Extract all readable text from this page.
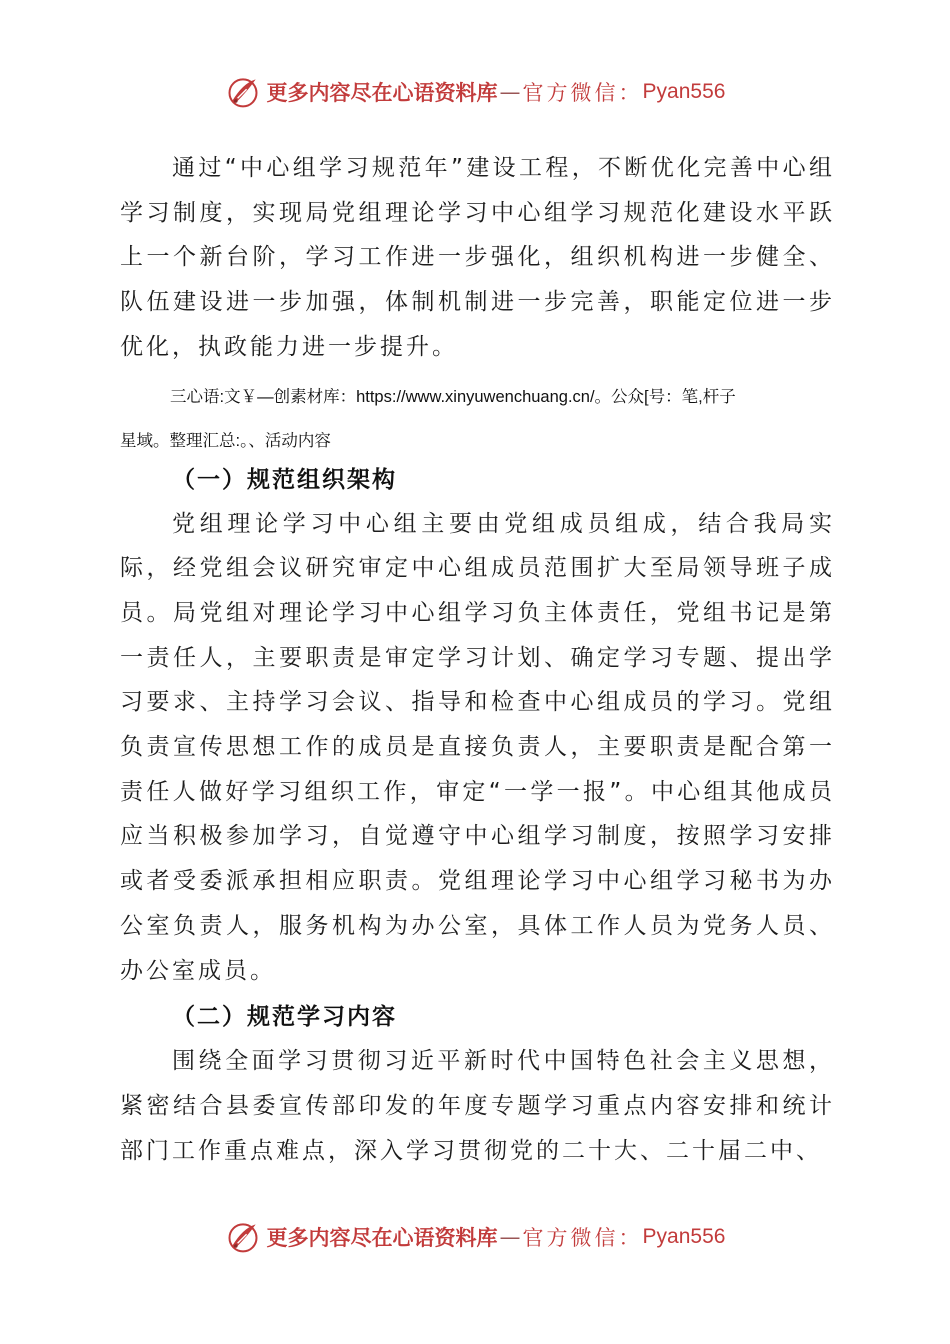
更多内容尽在心语资料库 — 官方微信： Pyan556

通过“中心组学习规范年”建设工程，不断优化完善中心组学习制度，实现局党组理论学习中心组学习规范化建设水平跃上一个新台阶，学习工作进一步强化，组织机构进一步健全、队伍建设进一步加强，体制机制进一步完善，职能定位进一步优化，执政能力进一步提升。

三心语:文￥—创素材库：https://www.xinyuwenchuang.cn/。公众[号：笔,杆子

星域。整理汇总:。、活动内容

（一）规范组织架构

党组理论学习中心组主要由党组成员组成，结合我局实际，经党组会议研究审定中心组成员范围扩大至局领导班子成员。局党组对理论学习中心组学习负主体责任，党组书记是第一责任人，主要职责是审定学习计划、确定学习专题、提出学习要求、主持学习会议、指导和检查中心组成员的学习。党组负责宣传思想工作的成员是直接负责人，主要职责是配合第一责任人做好学习组织工作，审定“一学一报”。中心组其他成员应当积极参加学习，自觉遵守中心组学习制度，按照学习安排或者受委派承担相应职责。党组理论学习中心组学习秘书为办公室负责人，服务机构为办公室，具体工作人员为党务人员、办公室成员。

（二）规范学习内容

围绕全面学习贯彻习近平新时代中国特色社会主义思想，紧密结合县委宣传部印发的年度专题学习重点内容安排和统计部门工作重点难点，深入学习贯彻党的二十大、二十届二中、

更多内容尽在心语资料库 — 官方微信： Pyan556
